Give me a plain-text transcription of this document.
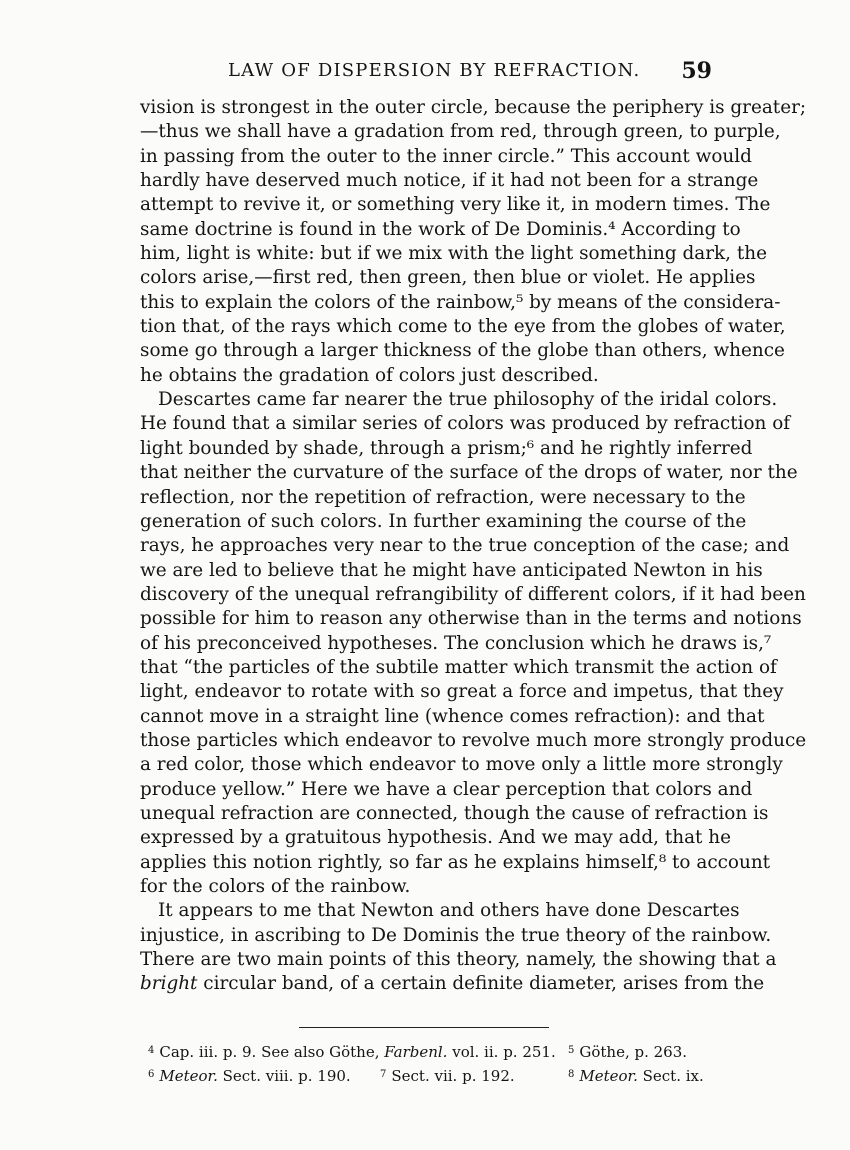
LAW OF DISPERSION BY REFRACTION. 59
vision is strongest in the outer circle, because the periphery is greater;
—thus we shall have a gradation from red, through green, to purple,
in passing from the outer to the inner circle.” This account would
hardly have deserved much notice, if it had not been for a strange
attempt to revive it, or something very like it, in modern times. The
same doctrine is found in the work of De Dominis.⁴ According to
him, light is white: but if we mix with the light something dark, the
colors arise,—first red, then green, then blue or violet. He applies
this to explain the colors of the rainbow,⁵ by means of the considera-
tion that, of the rays which come to the eye from the globes of water,
some go through a larger thickness of the globe than others, whence
he obtains the gradation of colors just described.
Descartes came far nearer the true philosophy of the iridal colors.
He found that a similar series of colors was produced by refraction of
light bounded by shade, through a prism;⁶ and he rightly inferred
that neither the curvature of the surface of the drops of water, nor the
reflection, nor the repetition of refraction, were necessary to the
generation of such colors. In further examining the course of the
rays, he approaches very near to the true conception of the case; and
we are led to believe that he might have anticipated Newton in his
discovery of the unequal refrangibility of different colors, if it had been
possible for him to reason any otherwise than in the terms and notions
of his preconceived hypotheses. The conclusion which he draws is,⁷
that “the particles of the subtile matter which transmit the action of
light, endeavor to rotate with so great a force and impetus, that they
cannot move in a straight line (whence comes refraction): and that
those particles which endeavor to revolve much more strongly produce
a red color, those which endeavor to move only a little more strongly
produce yellow.” Here we have a clear perception that colors and
unequal refraction are connected, though the cause of refraction is
expressed by a gratuitous hypothesis. And we may add, that he
applies this notion rightly, so far as he explains himself,⁸ to account
for the colors of the rainbow.
It appears to me that Newton and others have done Descartes
injustice, in ascribing to De Dominis the true theory of the rainbow.
There are two main points of this theory, namely, the showing that a
bright circular band, of a certain definite diameter, arises from the
$^4$ Cap. iii. p. 9. See also Göthe, Farbenl. vol. ii. p. 251. $^5$ Göthe, p. 263.
$^6$ Meteor. Sect. viii. p. 190.	$^7$ Sect. vii. p. 192.	$^8$ Meteor. Sect. ix.
